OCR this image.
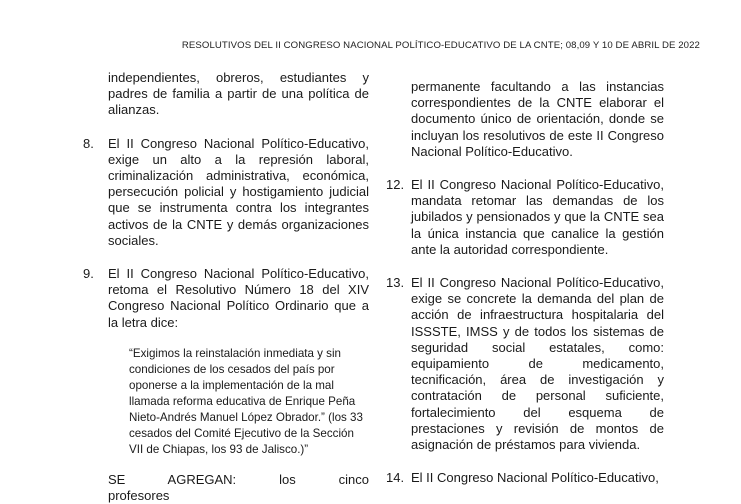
RESOLUTIVOS DEL II CONGRESO NACIONAL POLÍTICO-EDUCATIVO DE LA CNTE; 08,09 Y 10 DE ABRIL DE 2022

independientes, obreros, estudiantes y padres de familia a partir de una política de alianzas.

8. El II Congreso Nacional Político-Educativo, exige un alto a la represión laboral, criminalización administrativa, económica, persecución policial y hostigamiento judicial que se instrumenta contra los integrantes activos de la CNTE y demás organizaciones sociales.

9. El II Congreso Nacional Político-Educativo, retoma el Resolutivo Número 18 del XIV Congreso Nacional Político Ordinario que a la letra dice:

“Exigimos la reinstalación inmediata y sin condiciones de los cesados del país por oponerse a la implementación de la mal llamada reforma educativa de Enrique Peña Nieto-Andrés Manuel López Obrador.” (los 33 cesados del Comité Ejecutivo de la Sección VII de Chiapas, los 93 de Jalisco.)”

SE AGREGAN: los cinco profesores

permanente facultando a las instancias correspondientes de la CNTE elaborar el documento único de orientación, donde se incluyan los resolutivos de este II Congreso Nacional Político-Educativo.

12. El II Congreso Nacional Político-Educativo, mandata retomar las demandas de los jubilados y pensionados y que la CNTE sea la única instancia que canalice la gestión ante la autoridad correspondiente.

13. El II Congreso Nacional Político-Educativo, exige se concrete la demanda del plan de acción de infraestructura hospitalaria del ISSSTE, IMSS y de todos los sistemas de seguridad social estatales, como: equipamiento de medicamento, tecnificación, área de investigación y contratación de personal suficiente, fortalecimiento del esquema de prestaciones y revisión de montos de asignación de préstamos para vivienda.

14. El II Congreso Nacional Político-Educativo,
